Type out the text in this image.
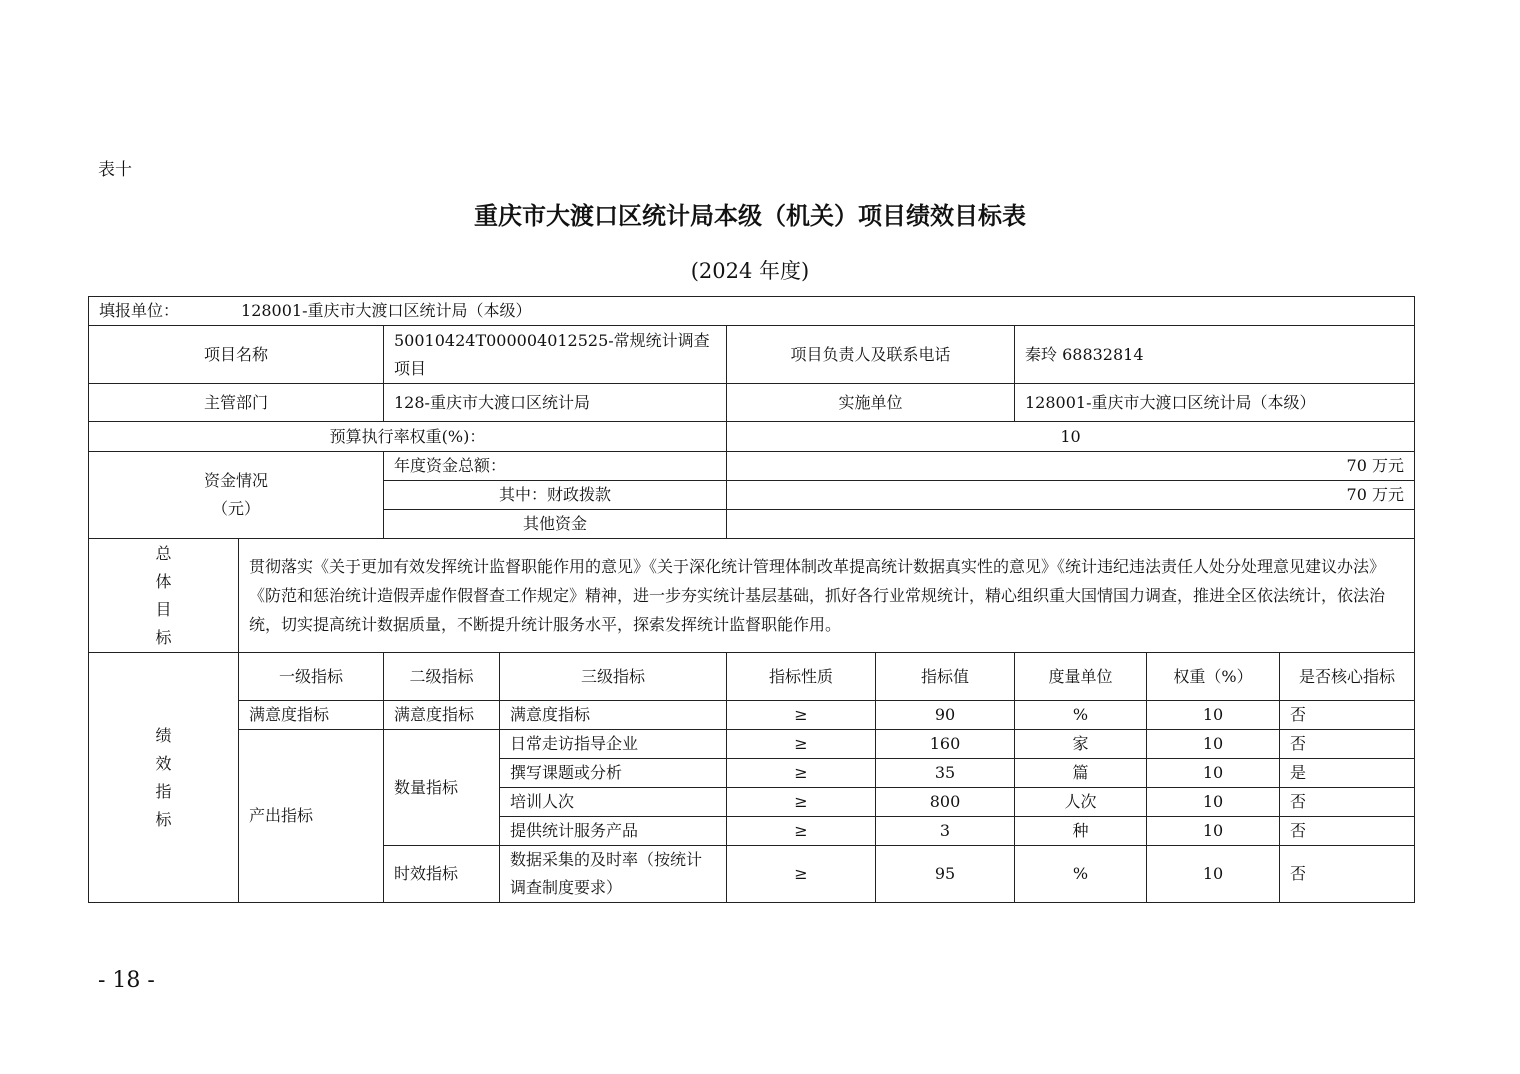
表十
重庆市大渡口区统计局本级（机关）项目绩效目标表
(2024 年度)
填报单位： 128001-重庆市大渡口区统计局（本级）								
项目名称		50010424T000004012525-常规统计调查项目		项目负责人及联系电话		秦玲 68832814		
主管部门		128-重庆市大渡口区统计局		实施单位		128001-重庆市大渡口区统计局（本级）		
预算执行率权重(%)：				10				

资金情况
（元）		年度资金总额：		70 万元				
		其中：财政拨款		70 万元				
		其他资金						

总
体
目
标	贯彻落实《关于更加有效发挥统计监督职能作用的意见》《关于深化统计管理体制改革提高统计数据真实性的意见》《统计违纪违法责任人处分处理意见建议办法》《防范和惩治统计造假弄虚作假督查工作规定》精神，进一步夯实统计基层基础，抓好各行业常规统计，精心组织重大国情国力调查，推进全区依法统计，依法治统，切实提高统计数据质量，不断提升统计服务水平，探索发挥统计监督职能作用。							

绩
效
指
标	一级指标	二级指标	三级指标	指标性质	指标值	度量单位	权重（%）	是否核心指标
	满意度指标	满意度指标	满意度指标	≥	90	%	10	否
	产出指标	数量指标	日常走访指导企业	≥	160	家	10	否
			撰写课题或分析	≥	35	篇	10	是
			培训人次	≥	800	人次	10	否
			提供统计服务产品	≥	3	种	10	否
		时效指标	数据采集的及时率（按统计调查制度要求）	≥	95	%	10	否
- 18 -
